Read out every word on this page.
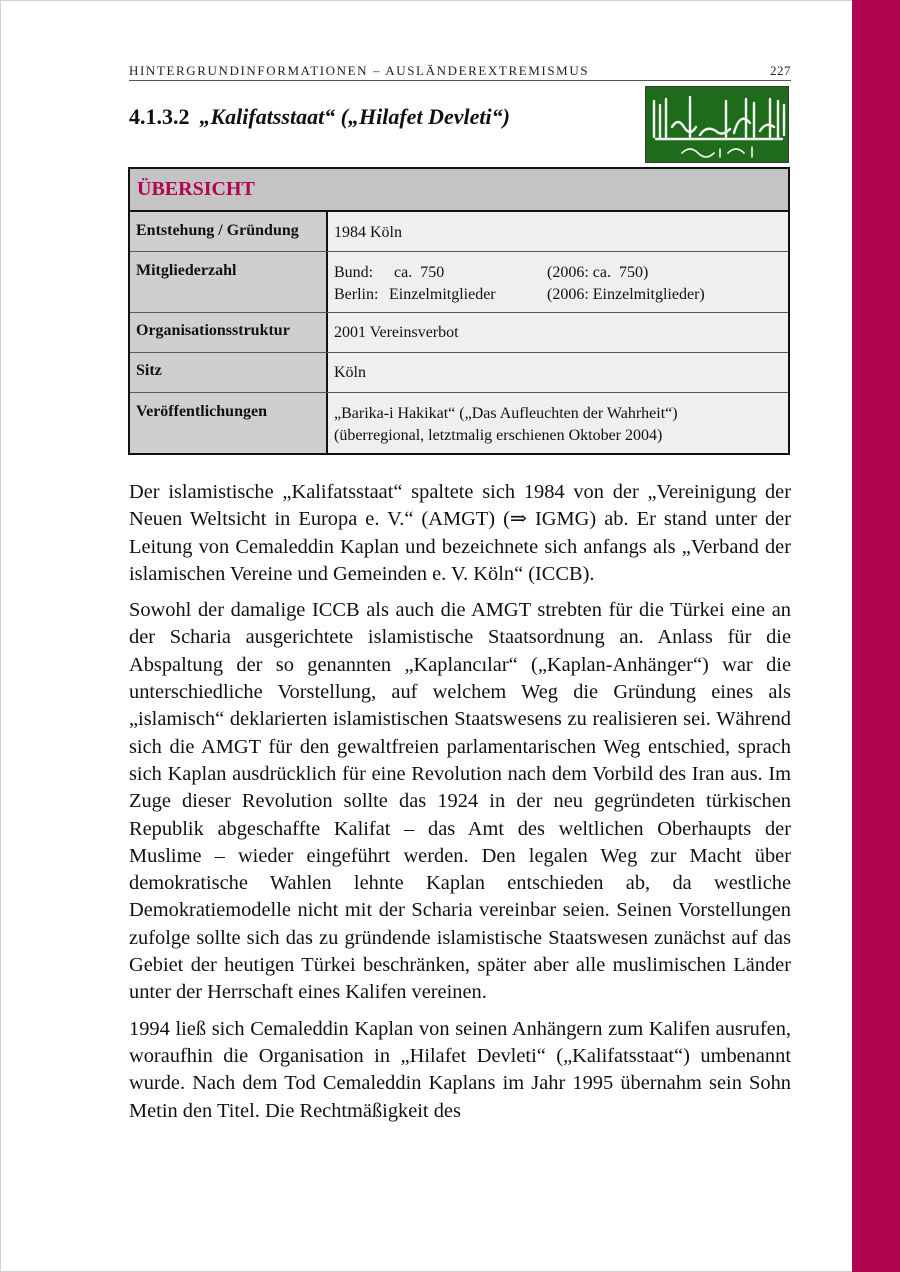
HINTERGRUNDINFORMATIONEN – AUSLÄNDEREXTREMISMUS	227
4.1.3.2 „Kalifatsstaat“ („Hilafet Devleti“)
ÜBERSICHT
Entstehung / Gründung	1984 Köln
Mitgliederzahl	Bund: ca.  750	(2006: ca.  750)
Berlin: Einzelmitglieder	(2006: Einzelmitglieder)
Organisationsstruktur	2001 Vereinsverbot
Sitz	Köln
Veröffentlichungen	„Barika-i Hakikat“ („Das Aufleuchten der Wahrheit“)
(überregional, letztmalig erschienen Oktober 2004)

Der islamistische „Kalifatsstaat“ spaltete sich 1984 von der „Vereinigung der Neuen Weltsicht in Europa e. V.“ (AMGT) (⇒ IGMG) ab. Er stand unter der Leitung von Cemaleddin Kaplan und bezeichnete sich anfangs als „Verband der islamischen Vereine und Gemeinden e. V. Köln“ (ICCB).

Sowohl der damalige ICCB als auch die AMGT strebten für die Türkei eine an der Scharia ausgerichtete islamistische Staatsordnung an. Anlass für die Abspaltung der so genannten „Kaplancılar“ („Kaplan-Anhänger“) war die unterschiedliche Vorstellung, auf welchem Weg die Gründung eines als „islamisch“ deklarierten islamistischen Staatswesens zu realisieren sei. Während sich die AMGT für den gewaltfreien parlamentarischen Weg entschied, sprach sich Kaplan ausdrücklich für eine Revolution nach dem Vorbild des Iran aus. Im Zuge dieser Revolution sollte das 1924 in der neu gegründeten türkischen Republik abgeschaffte Kalifat – das Amt des weltlichen Oberhaupts der Muslime – wieder eingeführt werden. Den legalen Weg zur Macht über demokratische Wahlen lehnte Kaplan entschieden ab, da westliche Demokratiemodelle nicht mit der Scharia vereinbar seien. Seinen Vorstellungen zufolge sollte sich das zu gründende islamistische Staatswesen zunächst auf das Gebiet der heutigen Türkei beschränken, später aber alle muslimischen Länder unter der Herrschaft eines Kalifen vereinen.

1994 ließ sich Cemaleddin Kaplan von seinen Anhängern zum Kalifen ausrufen, woraufhin die Organisation in „Hilafet Devleti“ („Kalifatsstaat“) umbenannt wurde. Nach dem Tod Cemaleddin Kaplans im Jahr 1995 übernahm sein Sohn Metin den Titel. Die Rechtmäßigkeit des
